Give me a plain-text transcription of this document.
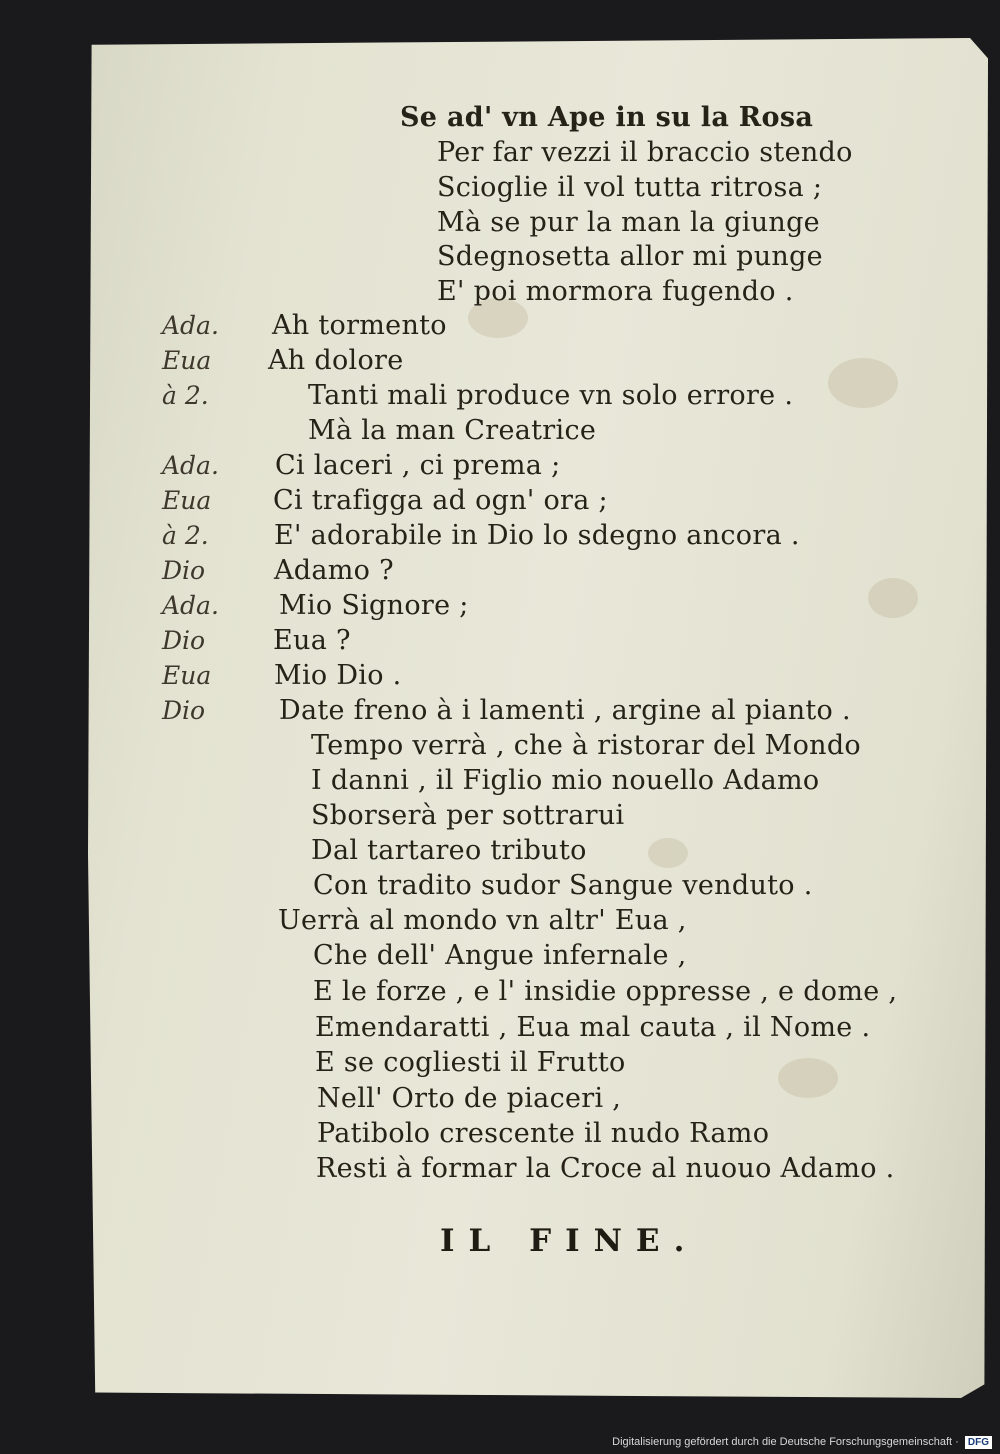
Se ad' vn Ape in su la Rosa
Per far vezzi il braccio stendo
Scioglie il vol tutta ritrosa ;
Mà se pur la man la giunge
Sdegnosetta allor mi punge
E' poi mormora fugendo .
Ada.
Eua
à 2.
Ada.
Eua
à 2.
Dio
Ada.
Dio
Eua
Dio
Ah tormento
Ah dolore
Tanti mali produce vn solo errore .
Mà la man Creatrice
Ci laceri , ci prema ;
Ci trafigga ad ogn' ora ;
E' adorabile in Dio lo sdegno ancora .
Adamo ?
Mio Signore ;
Eua ?
Mio Dio .
Date freno à i lamenti , argine al pianto .
Tempo verrà , che à ristorar del Mondo
I danni , il Figlio mio nouello Adamo
Sborserà per sottrarui
Dal tartareo tributo
Con tradito sudor Sangue venduto .
Uerrà al mondo vn altr' Eua ,
Che dell' Angue infernale ,
E le forze , e l' insidie oppresse , e dome ,
Emendaratti , Eua mal cauta , il Nome .
E se cogliesti il Frutto
Nell' Orto de piaceri ,
Patibolo crescente il nudo Ramo
Resti à formar la Croce al nuouo Adamo .
IL FINE.
Digitalisierung gefördert durch die Deutsche Forschungsgemeinschaft · DFG
